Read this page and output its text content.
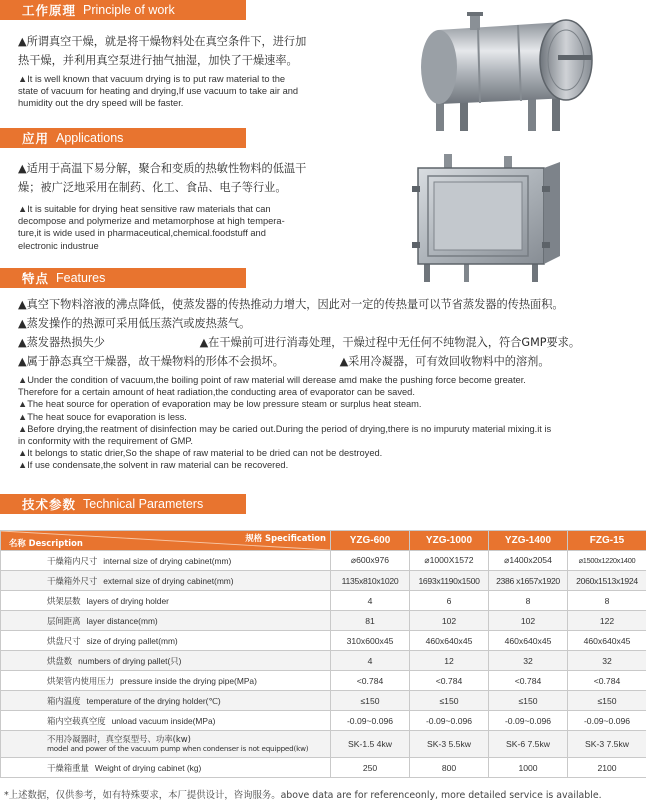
工作原理 Principle of work
▲所谓真空干燥，就是将干燥物料处在真空条件下，进行加
热干燥，并利用真空泵进行抽气抽湿，加快了干燥速率。
▲It is well known that vacuum drying is to put raw material to the
state of vacuum for heating and drying,If use vacuum to take air and
humidity out the dry speed will be faster.
应用 Applications
▲适用于高温下易分解，聚合和变质的热敏性物料的低温干
燥；被广泛地采用在制药、化工、食品、电子等行业。
▲It is suitable for drying heat sensitive raw materials that can
decompose and polymerize and metamorphose at high tempera-
ture,it is wide used in pharmaceutical,chemical.foodstuff and
electronic industrue
特点 Features
▲真空下物料溶液的沸点降低，使蒸发器的传热推动力增大，因此对一定的传热量可以节省蒸发器的传热面积。
▲蒸发操作的热源可采用低压蒸汽或废热蒸气。
▲蒸发器热损失少	▲在干燥前可进行消毒处理，干燥过程中无任何不纯物混入，符合GMP要求。
▲属于静态真空干燥器，故干燥物料的形体不会损坏。	▲采用冷凝器，可有效回收物料中的溶剂。
▲Under the condition of vacuum,the boiling point of raw material will derease amd make the pushing force become greater.
Therefore for a certain amount of heat radiation,the conducting area of evaporator can be saved.
▲The heat source for operation of evaporation may be low pressure steam or surplus heat steam.
▲The heat souce for evaporation is less.
▲Before drying,the reatment of disinfection may be caried out.During the period of drying,there is no impuruty material mixing.it is
in conformity with the requirement of GMP.
▲It belongs to static drier,So the shape of raw material to be dried can not be destroyed.
▲If use condensate,the solvent in raw material can be recovered.
技术参数 Technical Parameters
规格 Specification
名称 Description	YZG-600	YZG-1000	YZG-1400	FZG-15
干燥箱内尺寸 internal size of drying cabinet(mm)	⌀600x976	⌀1000X1572	⌀1400x2054	⌀1500x1220x1400
干燥箱外尺寸 external size of drying cabinet(mm)	1135x810x1020	1693x1190x1500	2386 x1657x1920	2060x1513x1924
烘架层数 layers of drying holder	4	6	8	8
层间距离 layer distance(mm)	81	102	102	122
烘盘尺寸 size of drying pallet(mm)	310x600x45	460x640x45	460x640x45	460x640x45
烘盘数 numbers of drying pallet(只)	4	12	32	32
烘架管内使用压力 pressure inside the drying pipe(MPa)	<0.784	<0.784	<0.784	<0.784
箱内温度 temperature of the drying holder(℃)	≤150	≤150	≤150	≤150
箱内空载真空度 unload vacuum inside(MPa)	-0.09~0.096	-0.09~0.096	-0.09~0.096	-0.09~0.096

不用冷凝器时，真空泵型号、功率(kw)
model and power of the vacuum pump when condenser is not equipped(kw)	SK-1.5 4kw	SK-3 5.5kw	SK-6 7.5kw	SK-3 7.5kw
干燥箱重量 Weight of drying cabinet (kg)	250	800	1000	2100
*上述数据，仅供参考，如有特殊要求，本厂提供设计，咨询服务。above data are for referenceonly, more detailed service is available.
